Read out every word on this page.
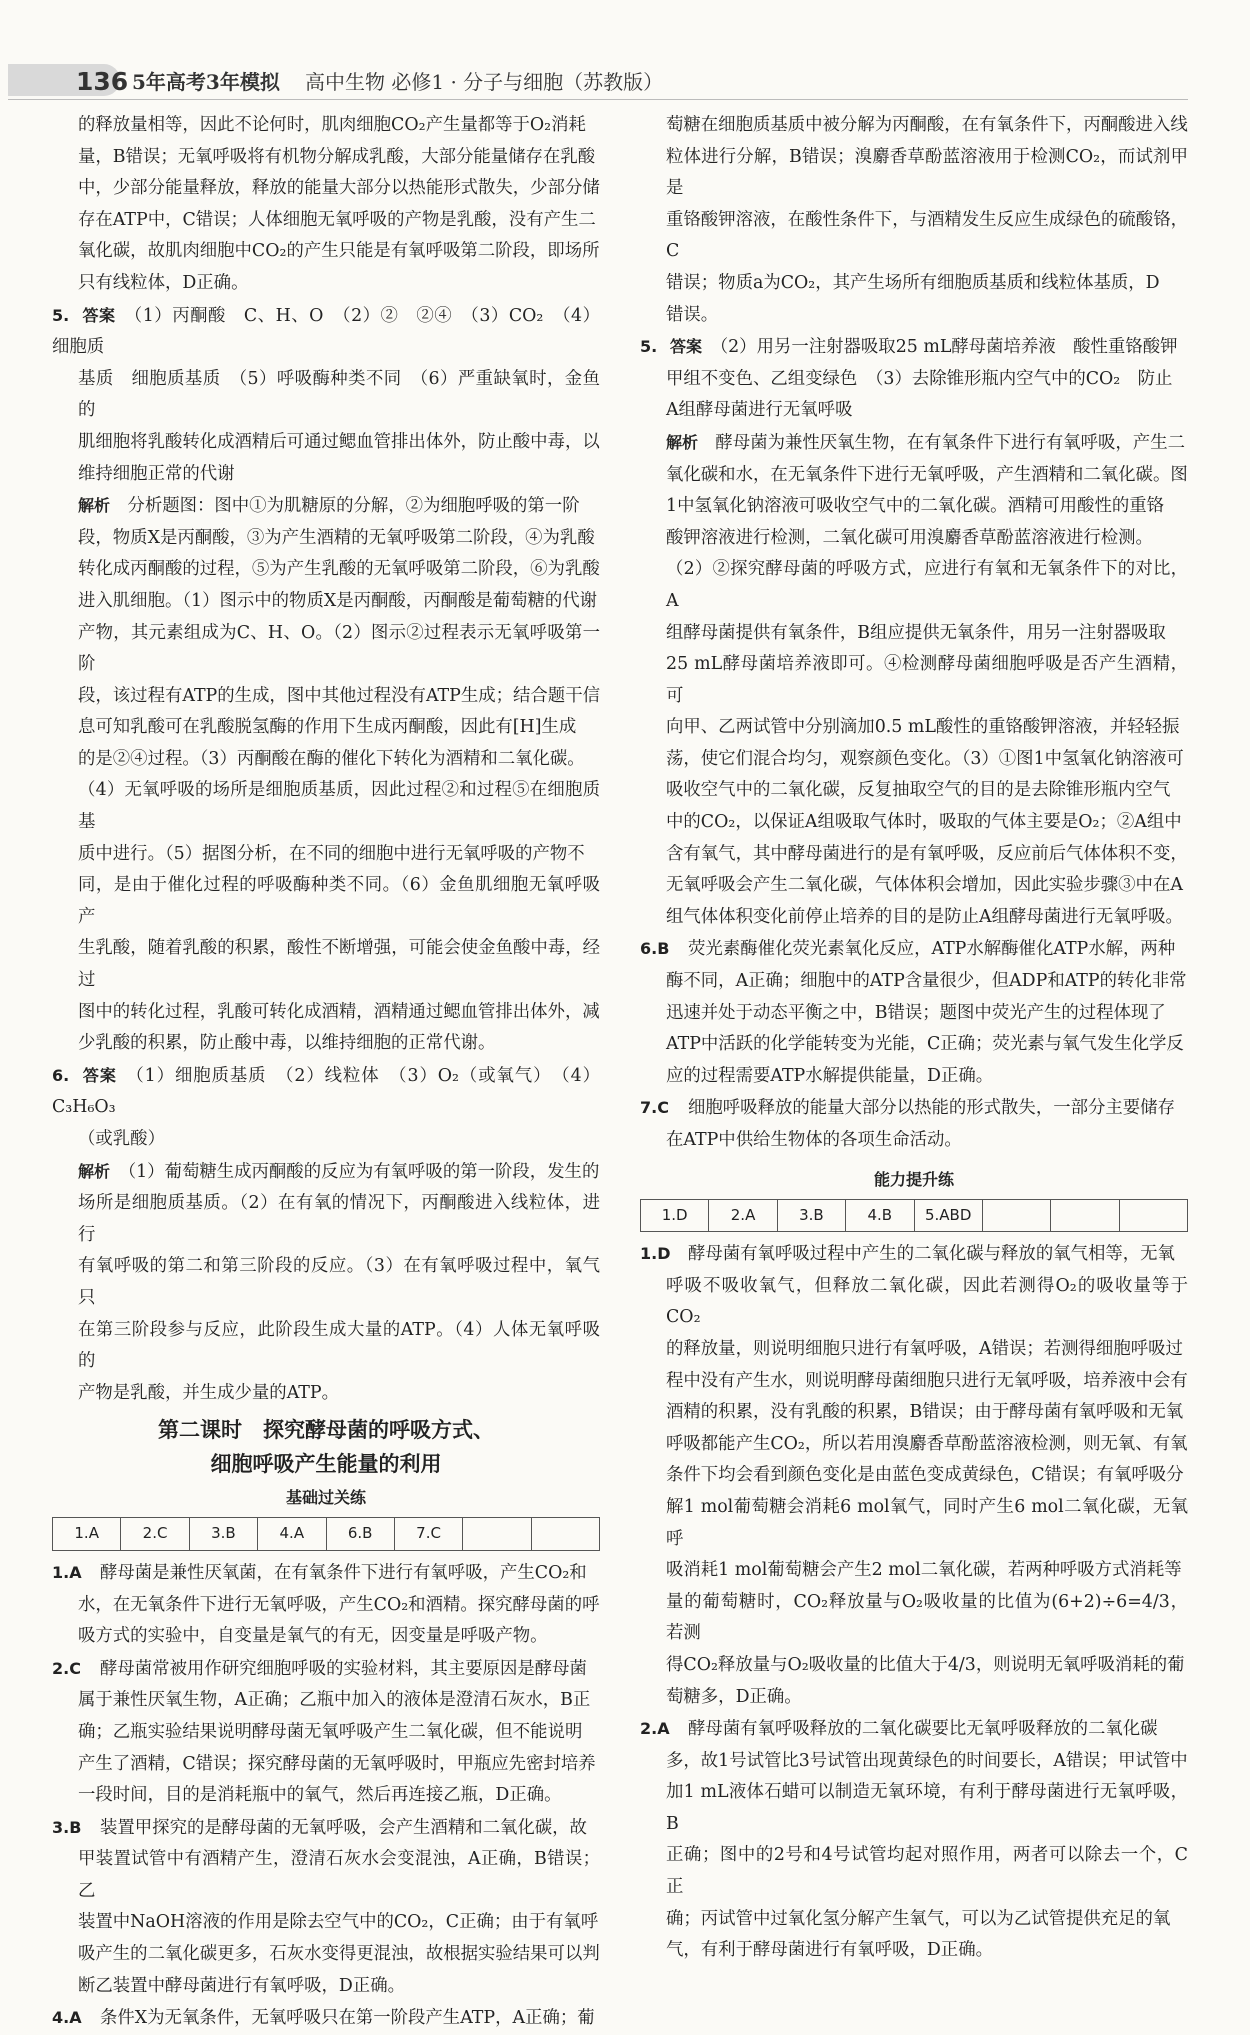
136 5年高考3年模拟 高中生物 必修1 · 分子与细胞（苏教版）

的释放量相等，因此不论何时，肌肉细胞CO₂产生量都等于O₂消耗

量，B错误；无氧呼吸将有机物分解成乳酸，大部分能量储存在乳酸

中，少部分能量释放，释放的能量大部分以热能形式散失，少部分储

存在ATP中，C错误；人体细胞无氧呼吸的产物是乳酸，没有产生二

氧化碳，故肌肉细胞中CO₂的产生只能是有氧呼吸第二阶段，即场所

只有线粒体，D正确。

5. 答案　 （1）丙酮酸　C、H、O　（2）②　②④　（3）CO₂　（4）细胞质

基质　细胞质基质　（5）呼吸酶种类不同　（6）严重缺氧时，金鱼的

肌细胞将乳酸转化成酒精后可通过鳃血管排出体外，防止酸中毒，以

维持细胞正常的代谢

解析　 分析题图：图中①为肌糖原的分解，②为细胞呼吸的第一阶

段，物质X是丙酮酸，③为产生酒精的无氧呼吸第二阶段，④为乳酸

转化成丙酮酸的过程，⑤为产生乳酸的无氧呼吸第二阶段，⑥为乳酸

进入肌细胞。（1）图示中的物质X是丙酮酸，丙酮酸是葡萄糖的代谢

产物，其元素组成为C、H、O。（2）图示②过程表示无氧呼吸第一阶

段，该过程有ATP的生成，图中其他过程没有ATP生成；结合题干信

息可知乳酸可在乳酸脱氢酶的作用下生成丙酮酸，因此有[H]生成

的是②④过程。（3）丙酮酸在酶的催化下转化为酒精和二氧化碳。

（4）无氧呼吸的场所是细胞质基质，因此过程②和过程⑤在细胞质基

质中进行。（5）据图分析，在不同的细胞中进行无氧呼吸的产物不

同，是由于催化过程的呼吸酶种类不同。（6）金鱼肌细胞无氧呼吸产

生乳酸，随着乳酸的积累，酸性不断增强，可能会使金鱼酸中毒，经过

图中的转化过程，乳酸可转化成酒精，酒精通过鳃血管排出体外，减

少乳酸的积累，防止酸中毒，以维持细胞的正常代谢。

6. 答案　 （1）细胞质基质　（2）线粒体　（3）O₂（或氧气）　（4）C₃H₆O₃

（或乳酸）

解析　 （1）葡萄糖生成丙酮酸的反应为有氧呼吸的第一阶段，发生的

场所是细胞质基质。（2）在有氧的情况下，丙酮酸进入线粒体，进行

有氧呼吸的第二和第三阶段的反应。（3）在有氧呼吸过程中，氧气只

在第三阶段参与反应，此阶段生成大量的ATP。（4）人体无氧呼吸的

产物是乳酸，并生成少量的ATP。

第二课时　探究酵母菌的呼吸方式、
细胞呼吸产生能量的利用
基础过关练
1.A	2.C	3.B	4.A	6.B	7.C		

1.A 酵母菌是兼性厌氧菌，在有氧条件下进行有氧呼吸，产生CO₂和

水，在无氧条件下进行无氧呼吸，产生CO₂和酒精。探究酵母菌的呼

吸方式的实验中，自变量是氧气的有无，因变量是呼吸产物。

2.C 酵母菌常被用作研究细胞呼吸的实验材料，其主要原因是酵母菌

属于兼性厌氧生物，A正确；乙瓶中加入的液体是澄清石灰水，B正

确；乙瓶实验结果说明酵母菌无氧呼吸产生二氧化碳，但不能说明

产生了酒精，C错误；探究酵母菌的无氧呼吸时，甲瓶应先密封培养

一段时间，目的是消耗瓶中的氧气，然后再连接乙瓶，D正确。

3.B 装置甲探究的是酵母菌的无氧呼吸，会产生酒精和二氧化碳，故

甲装置试管中有酒精产生，澄清石灰水会变混浊，A正确，B错误；乙

装置中NaOH溶液的作用是除去空气中的CO₂，C正确；由于有氧呼

吸产生的二氧化碳更多，石灰水变得更混浊，故根据实验结果可以判

断乙装置中酵母菌进行有氧呼吸，D正确。

4.A 条件X为无氧条件，无氧呼吸只在第一阶段产生ATP，A正确；葡

萄糖在细胞质基质中被分解为丙酮酸，在有氧条件下，丙酮酸进入线

粒体进行分解，B错误；溴麝香草酚蓝溶液用于检测CO₂，而试剂甲是

重铬酸钾溶液，在酸性条件下，与酒精发生反应生成绿色的硫酸铬，C

错误；物质a为CO₂，其产生场所有细胞质基质和线粒体基质，D

错误。

5. 答案　 （2）用另一注射器吸取25 mL酵母菌培养液　酸性重铬酸钾

甲组不变色、乙组变绿色　（3）去除锥形瓶内空气中的CO₂　防止

A组酵母菌进行无氧呼吸

解析　 酵母菌为兼性厌氧生物，在有氧条件下进行有氧呼吸，产生二

氧化碳和水，在无氧条件下进行无氧呼吸，产生酒精和二氧化碳。图

1中氢氧化钠溶液可吸收空气中的二氧化碳。酒精可用酸性的重铬

酸钾溶液进行检测，二氧化碳可用溴麝香草酚蓝溶液进行检测。

（2）②探究酵母菌的呼吸方式，应进行有氧和无氧条件下的对比，A

组酵母菌提供有氧条件，B组应提供无氧条件，用另一注射器吸取

25 mL酵母菌培养液即可。④检测酵母菌细胞呼吸是否产生酒精，可

向甲、乙两试管中分别滴加0.5 mL酸性的重铬酸钾溶液，并轻轻振

荡，使它们混合均匀，观察颜色变化。（3）①图1中氢氧化钠溶液可

吸收空气中的二氧化碳，反复抽取空气的目的是去除锥形瓶内空气

中的CO₂，以保证A组吸取气体时，吸取的气体主要是O₂；②A组中

含有氧气，其中酵母菌进行的是有氧呼吸，反应前后气体体积不变，

无氧呼吸会产生二氧化碳，气体体积会增加，因此实验步骤③中在A

组气体体积变化前停止培养的目的是防止A组酵母菌进行无氧呼吸。

6.B 荧光素酶催化荧光素氧化反应，ATP水解酶催化ATP水解，两种

酶不同，A正确；细胞中的ATP含量很少，但ADP和ATP的转化非常

迅速并处于动态平衡之中，B错误；题图中荧光产生的过程体现了

ATP中活跃的化学能转变为光能，C正确；荧光素与氧气发生化学反

应的过程需要ATP水解提供能量，D正确。

7.C 细胞呼吸释放的能量大部分以热能的形式散失，一部分主要储存

在ATP中供给生物体的各项生命活动。

能力提升练
1.D	2.A	3.B	4.B	5.ABD			

1.D 酵母菌有氧呼吸过程中产生的二氧化碳与释放的氧气相等，无氧

呼吸不吸收氧气，但释放二氧化碳，因此若测得O₂的吸收量等于CO₂

的释放量，则说明细胞只进行有氧呼吸，A错误；若测得细胞呼吸过

程中没有产生水，则说明酵母菌细胞只进行无氧呼吸，培养液中会有

酒精的积累，没有乳酸的积累，B错误；由于酵母菌有氧呼吸和无氧

呼吸都能产生CO₂，所以若用溴麝香草酚蓝溶液检测，则无氧、有氧

条件下均会看到颜色变化是由蓝色变成黄绿色，C错误；有氧呼吸分

解1 mol葡萄糖会消耗6 mol氧气，同时产生6 mol二氧化碳，无氧呼

吸消耗1 mol葡萄糖会产生2 mol二氧化碳，若两种呼吸方式消耗等

量的葡萄糖时，CO₂释放量与O₂吸收量的比值为(6+2)÷6=4/3，若测

得CO₂释放量与O₂吸收量的比值大于4/3，则说明无氧呼吸消耗的葡

萄糖多，D正确。

2.A 酵母菌有氧呼吸释放的二氧化碳要比无氧呼吸释放的二氧化碳

多，故1号试管比3号试管出现黄绿色的时间要长，A错误；甲试管中

加1 mL液体石蜡可以制造无氧环境，有利于酵母菌进行无氧呼吸，B

正确；图中的2号和4号试管均起对照作用，两者可以除去一个，C正

确；丙试管中过氧化氢分解产生氧气，可以为乙试管提供充足的氧

气，有利于酵母菌进行有氧呼吸，D正确。
